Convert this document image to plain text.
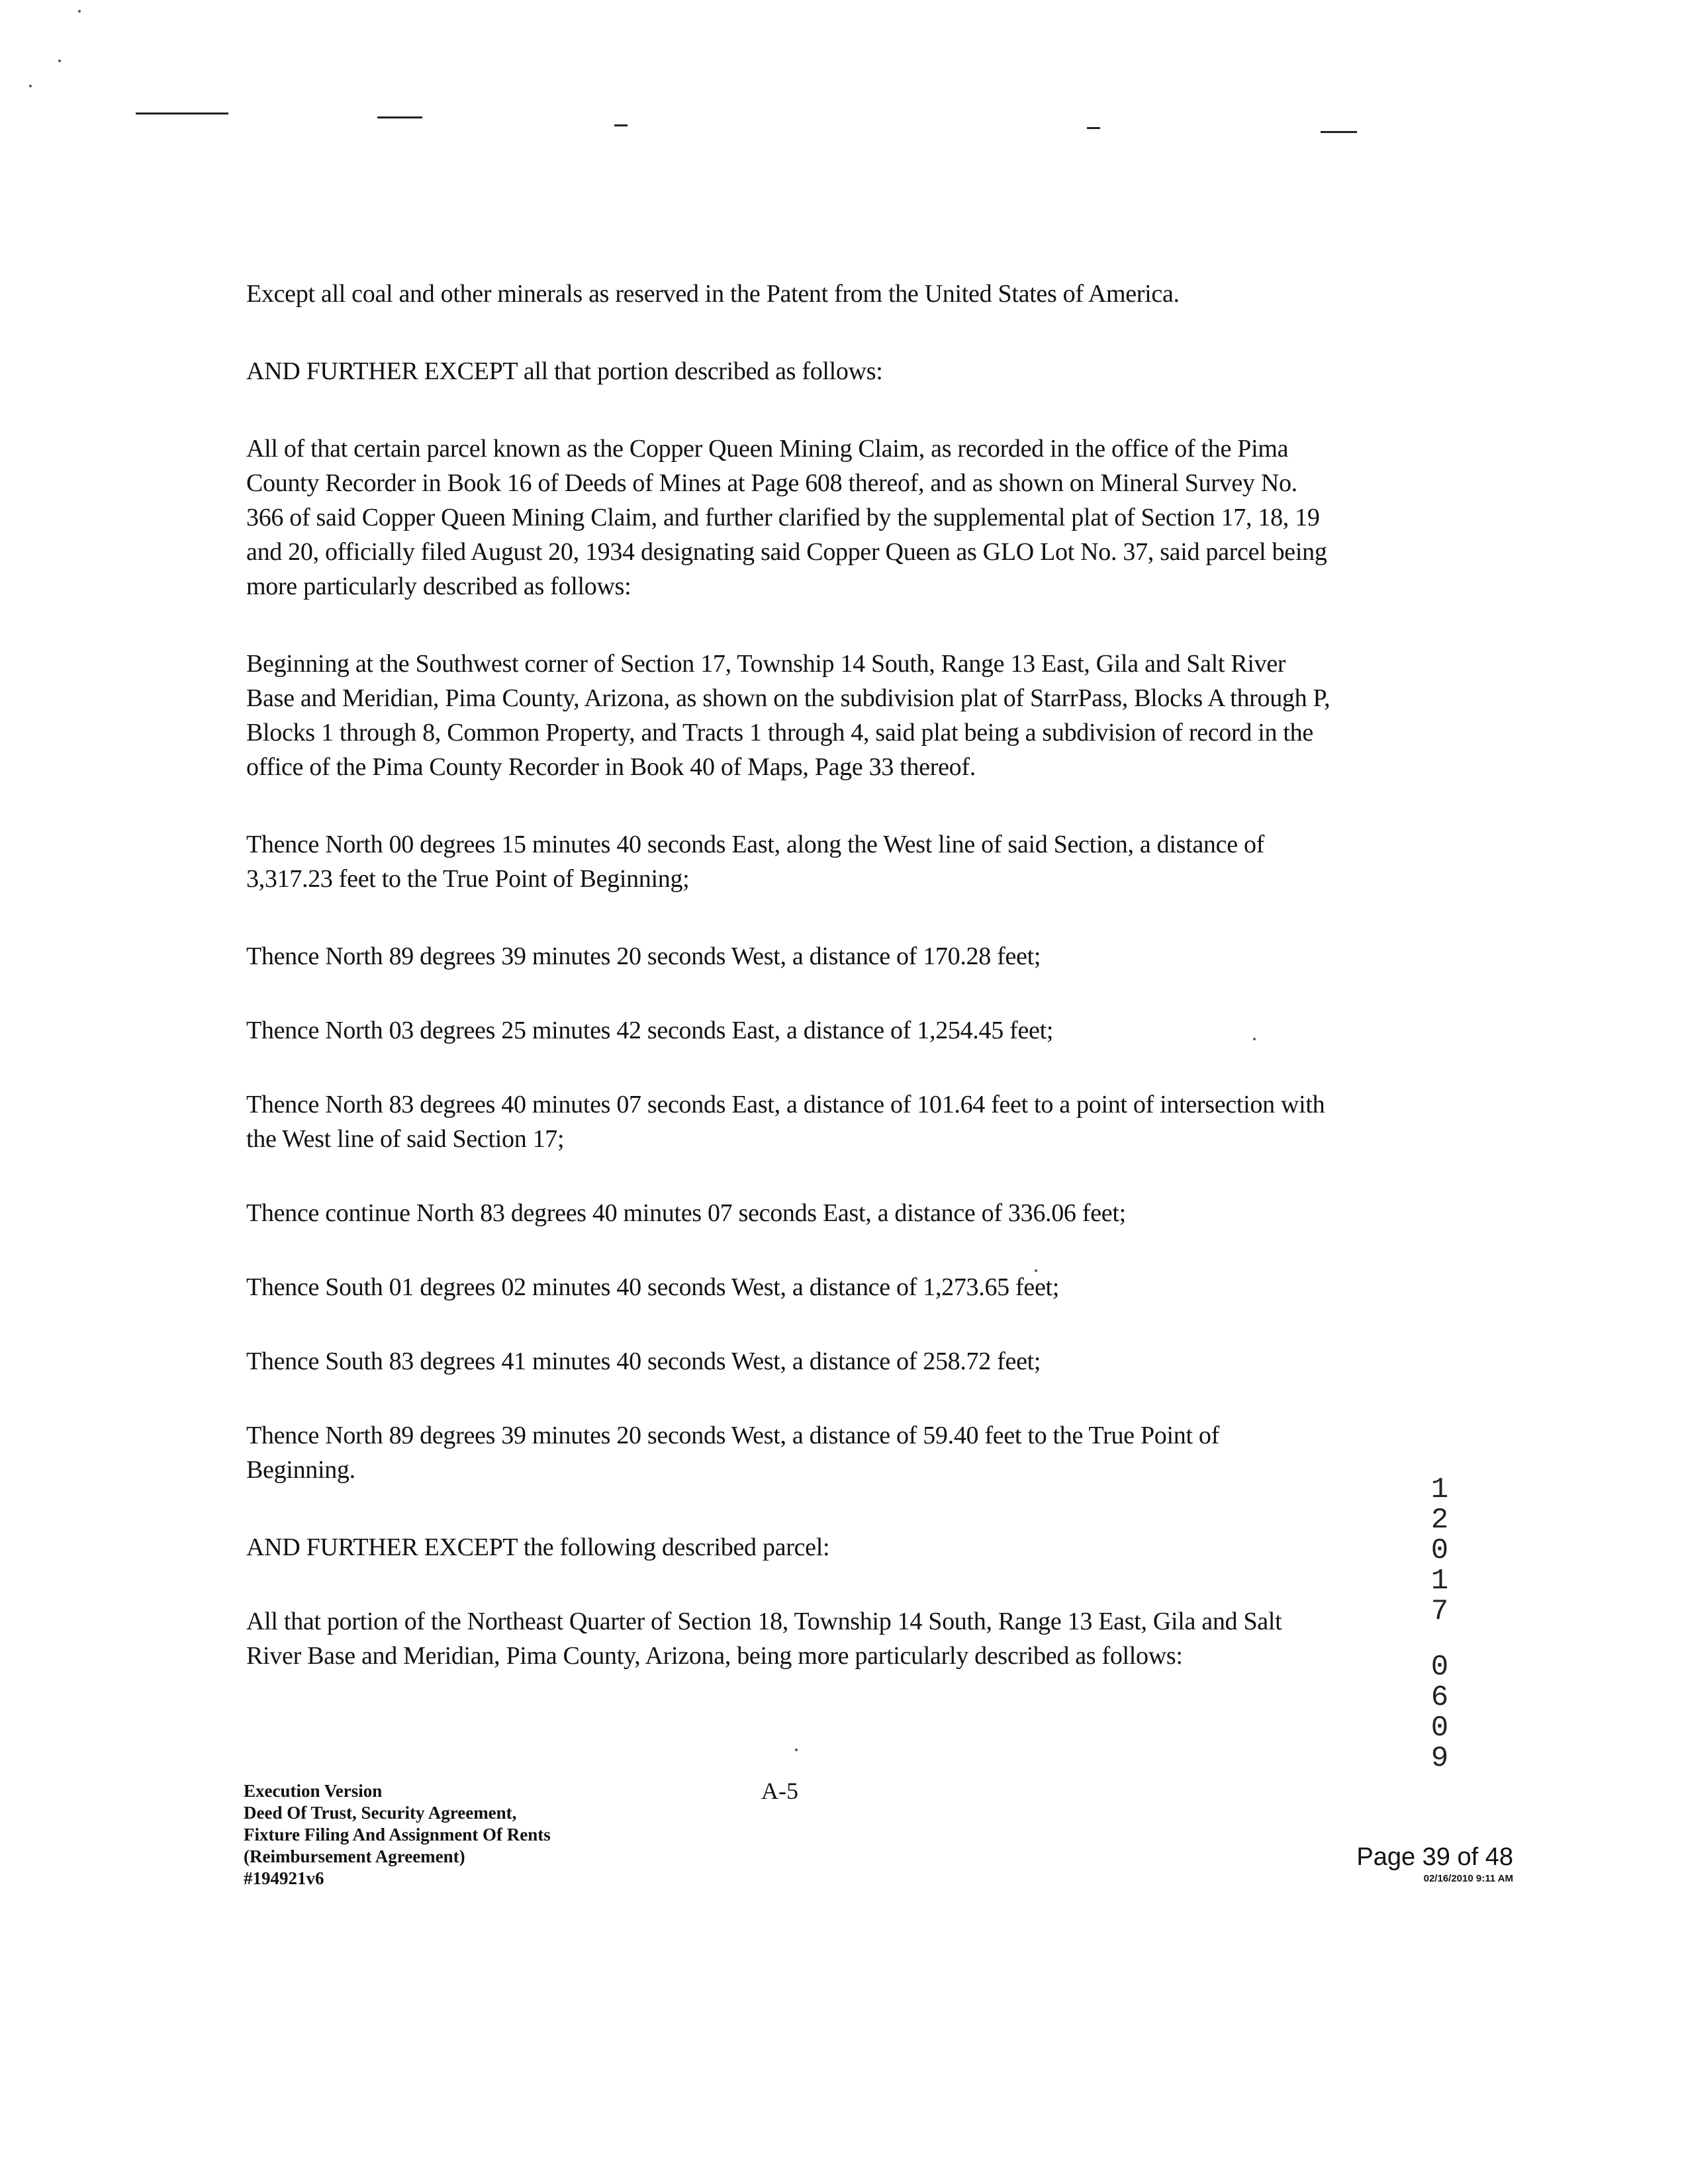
Except all coal and other minerals as reserved in the Patent from the United States of America.

AND FURTHER EXCEPT all that portion described as follows:

All of that certain parcel known as the Copper Queen Mining Claim, as recorded in the office of the Pima County Recorder in Book 16 of Deeds of Mines at Page 608 thereof, and as shown on Mineral Survey No. 366 of said Copper Queen Mining Claim, and further clarified by the supplemental plat of Section 17, 18, 19 and 20, officially filed August 20, 1934 designating said Copper Queen as GLO Lot No. 37, said parcel being more particularly described as follows:

Beginning at the Southwest corner of Section 17, Township 14 South, Range 13 East, Gila and Salt River Base and Meridian, Pima County, Arizona, as shown on the subdivision plat of StarrPass, Blocks A through P, Blocks 1 through 8, Common Property, and Tracts 1 through 4, said plat being a subdivision of record in the office of the Pima County Recorder in Book 40 of Maps, Page 33 thereof.

Thence North 00 degrees 15 minutes 40 seconds East, along the West line of said Section, a distance of 3,317.23 feet to the True Point of Beginning;

Thence North 89 degrees 39 minutes 20 seconds West, a distance of 170.28 feet;

Thence North 03 degrees 25 minutes 42 seconds East, a distance of 1,254.45 feet;

Thence North 83 degrees 40 minutes 07 seconds East, a distance of 101.64 feet to a point of intersection with the West line of said Section 17;

Thence continue North 83 degrees 40 minutes 07 seconds East, a distance of 336.06 feet;

Thence South 01 degrees 02 minutes 40 seconds West, a distance of 1,273.65 feet;

Thence South 83 degrees 41 minutes 40 seconds West, a distance of 258.72 feet;

Thence North 89 degrees 39 minutes 20 seconds West, a distance of 59.40 feet to the True Point of Beginning.

AND FURTHER EXCEPT the following described parcel:

All that portion of the Northeast Quarter of Section 18, Township 14 South, Range 13 East, Gila and Salt River Base and Meridian, Pima County, Arizona, being more particularly described as follows:

1
2
0
1
7
0
6
0
9
Execution Version
Deed Of Trust, Security Agreement,
Fixture Filing And Assignment Of Rents
(Reimbursement Agreement)
#194921v6
A-5
Page 39 of 48
02/16/2010 9:11 AM
